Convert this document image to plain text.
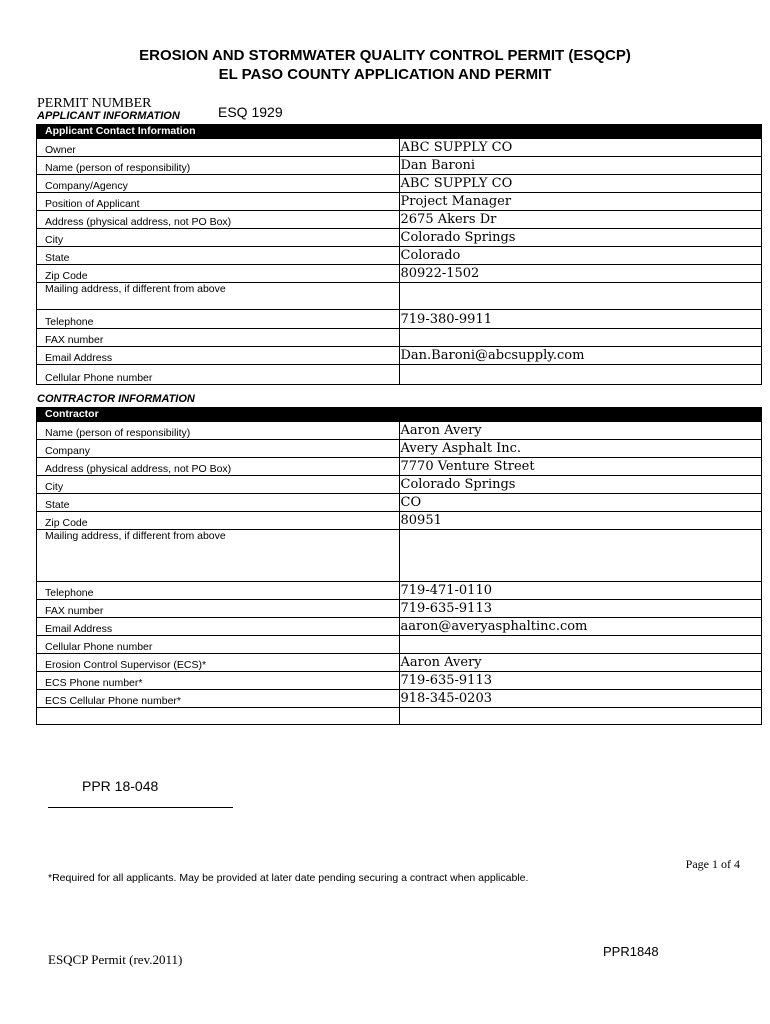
EROSION AND STORMWATER QUALITY CONTROL PERMIT (ESQCP)
EL PASO COUNTY APPLICATION AND PERMIT
PERMIT NUMBER
APPLICANT INFORMATION	ESQ 1929
Applicant Contact Information	
Owner	ABC SUPPLY CO
Name (person of responsibility)	Dan Baroni
Company/Agency	ABC SUPPLY CO
Position of Applicant	Project Manager
Address (physical address, not PO Box)	2675 Akers Dr
City	Colorado Springs
State	Colorado
Zip Code	80922-1502
Mailing address, if different from above	
Telephone	719-380-9911
FAX number	
Email Address	Dan.Baroni@abcsupply.com
Cellular Phone number	
CONTRACTOR INFORMATION
Contractor	
Name (person of responsibility)	Aaron Avery
Company	Avery Asphalt Inc.
Address (physical address, not PO Box)	7770 Venture Street
City	Colorado Springs
State	CO
Zip Code	80951
Mailing address, if different from above	
Telephone	719-471-0110
FAX number	719-635-9113
Email Address	aaron@averyasphaltinc.com
Cellular Phone number	
Erosion Control Supervisor (ECS)*	Aaron Avery
ECS Phone number*	719-635-9113
ECS Cellular Phone number*	918-345-0203

PPR 18-048
Page 1 of 4
*Required for all applicants. May be provided at later date pending securing a contract when applicable.
ESQCP Permit (rev.2011)
PPR1848
